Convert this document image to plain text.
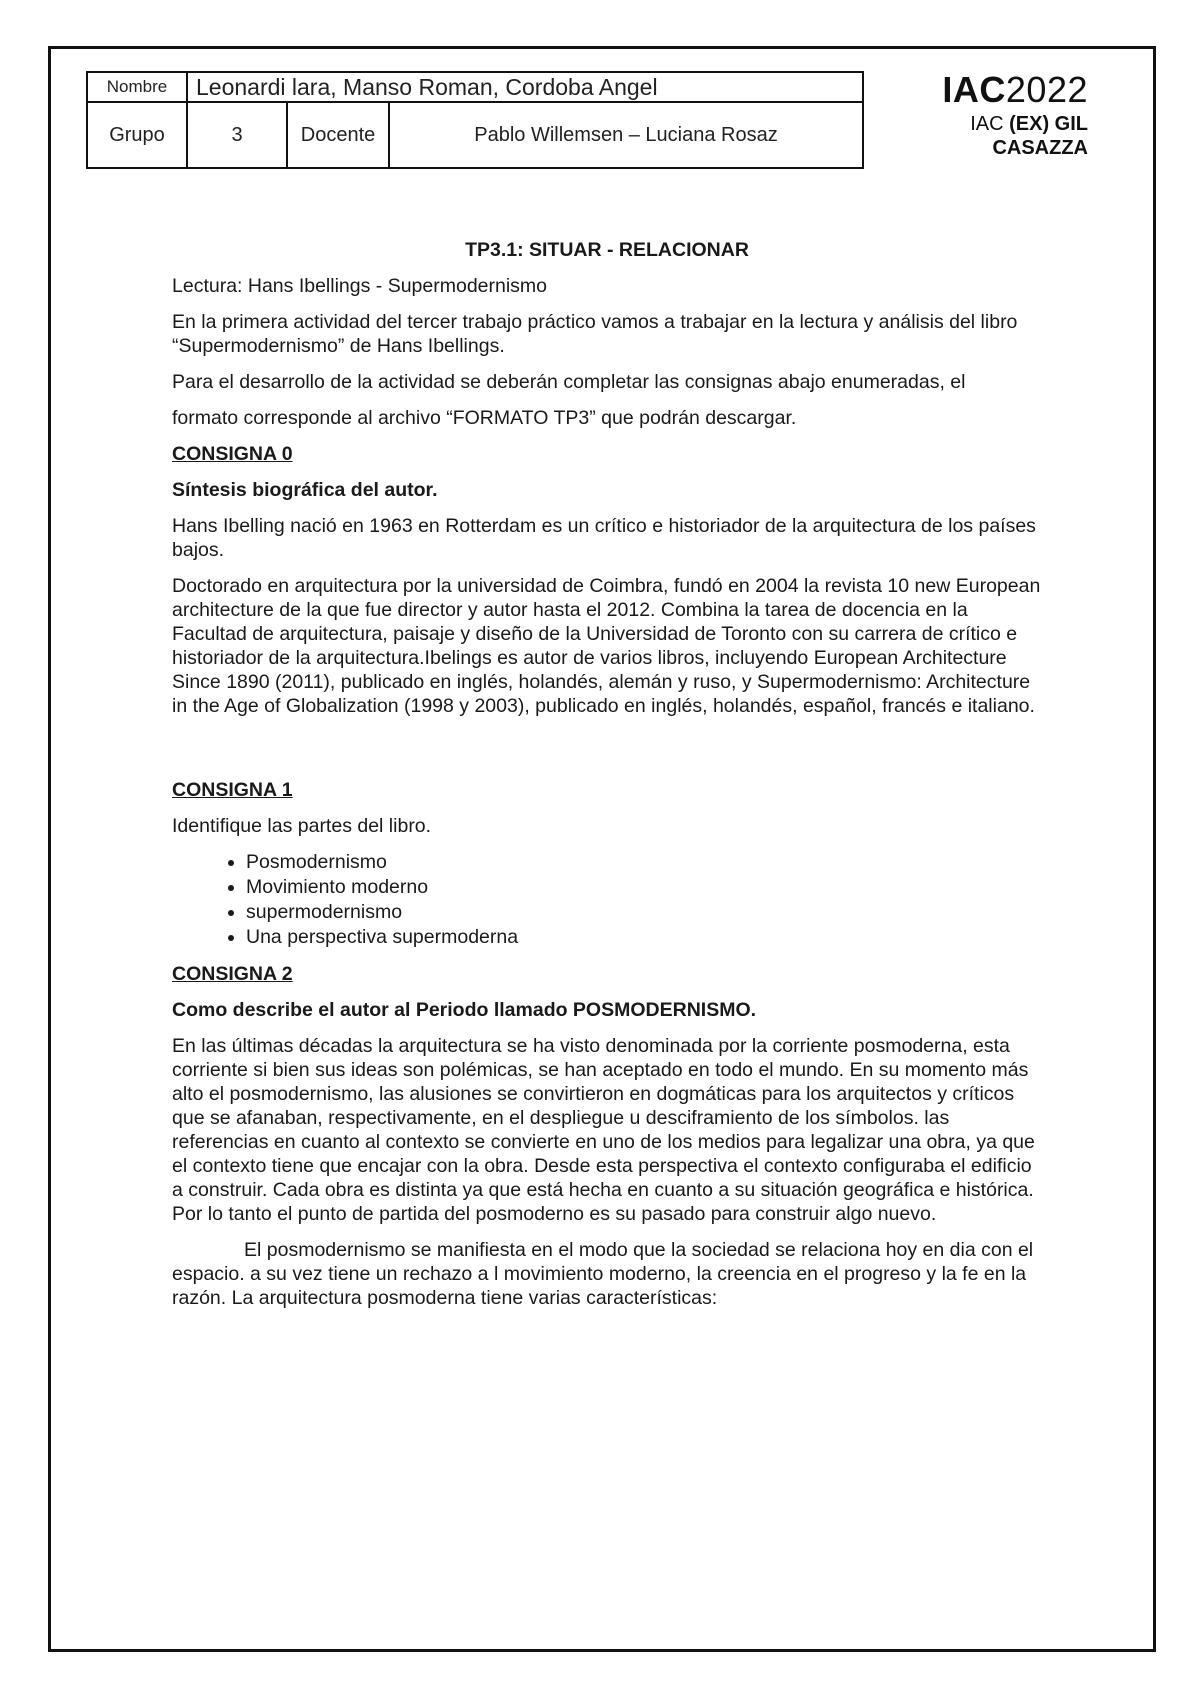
Nombre	Leonardi lara, Manso Roman, Cordoba Angel		
Grupo	3	Docente	Pablo Willemsen – Luciana Rosaz
IAC2022
IAC (EX) GIL
CASAZZA

TP3.1: SITUAR - RELACIONAR

Lectura: Hans Ibellings - Supermodernismo

En la primera actividad del tercer trabajo práctico vamos a trabajar en la lectura y análisis del libro “Supermodernismo” de Hans Ibellings.

Para el desarrollo de la actividad se deberán completar las consignas abajo enumeradas, el

formato corresponde al archivo “FORMATO TP3” que podrán descargar.

CONSIGNA 0

Síntesis biográfica del autor.

Hans Ibelling nació en 1963 en Rotterdam es un crítico e historiador de la arquitectura de los países bajos.

Doctorado en arquitectura por la universidad de Coimbra, fundó en 2004 la revista 10 new European architecture de la que fue director y autor hasta el 2012. Combina la tarea de docencia en la Facultad de arquitectura, paisaje y diseño de la Universidad de Toronto con su carrera de crítico e historiador de la arquitectura.Ibelings es autor de varios libros, incluyendo European Architecture Since 1890 (2011), publicado en inglés, holandés, alemán y ruso, y Supermodernismo: Architecture in the Age of Globalization (1998 y 2003), publicado en inglés, holandés, español, francés e italiano.

CONSIGNA 1

Identifique las partes del libro.

• Posmodernismo
• Movimiento moderno
• supermodernismo
• Una perspectiva supermoderna

CONSIGNA 2

Como describe el autor al Periodo llamado POSMODERNISMO.

En las últimas décadas la arquitectura se ha visto denominada por la corriente posmoderna, esta corriente si bien sus ideas son polémicas, se han aceptado en todo el mundo. En su momento más alto el posmodernismo, las alusiones se convirtieron en dogmáticas para los arquitectos y críticos que se afanaban, respectivamente, en el despliegue u desciframiento de los símbolos. las referencias en cuanto al contexto se convierte en uno de los medios para legalizar una obra, ya que el contexto tiene que encajar con la obra. Desde esta perspectiva el contexto configuraba el edificio a construir. Cada obra es distinta ya que está hecha en cuanto a su situación geográfica e histórica. Por lo tanto el punto de partida del posmoderno es su pasado para construir algo nuevo.

El posmodernismo se manifiesta en el modo que la sociedad se relaciona hoy en dia con el espacio. a su vez tiene un rechazo a l movimiento moderno, la creencia en el progreso y la fe en la razón. La arquitectura posmoderna tiene varias características:
